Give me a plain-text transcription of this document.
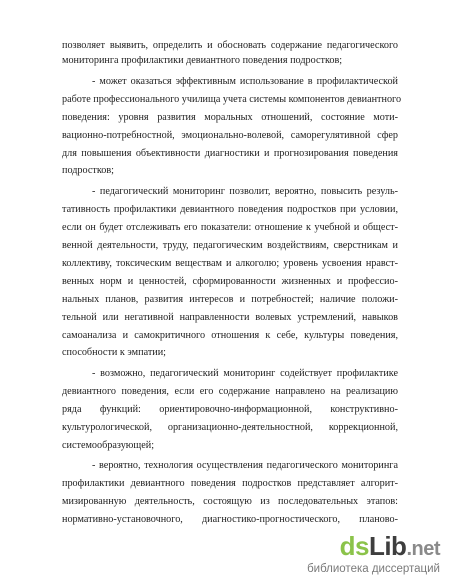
позволяет выявить, определить и обосновать содержание педагогического
мониторинга профилактики девиантного поведения подростков;
- может оказаться эффективным использование в профилактической
работе профессионального училища учета системы компонентов девиантного
поведения: уровня развития моральных отношений, состояние моти-
вационно-потребностной, эмоционально-волевой, саморегулятивной сфер
для повышения объективности диагностики и прогнозирования поведения
подростков;
- педагогический мониторинг позволит, вероятно, повысить резуль-
тативность профилактики девиантного поведения подростков при условии,
если он будет отслеживать его показатели: отношение к учебной и общест-
венной деятельности, труду, педагогическим воздействиям, сверстникам и
коллективу, токсическим веществам и алкоголю; уровень усвоения нравст-
венных норм и ценностей, сформированности жизненных и профессио-
нальных планов, развития интересов и потребностей; наличие положи-
тельной или негативной направленности волевых устремлений, навыков
самоанализа и самокритичного отношения к себе, культуры поведения,
способности к эмпатии;
- возможно, педагогический мониторинг содействует профилактике
девиантного поведения, если его содержание направлено на реализацию
ряда функций: ориентировочно-информационной, конструктивно-
культурологической, организационно-деятельностной, коррекционной,
системообразующей;
- вероятно, технология осуществления педагогического мониторинга
профилактики девиантного поведения подростков представляет алгорит-
мизированную деятельность, состоящую из последовательных этапов:
нормативно-установочного, диагностико-прогностического, планово-
dsLib.net
библиотека диссертаций
